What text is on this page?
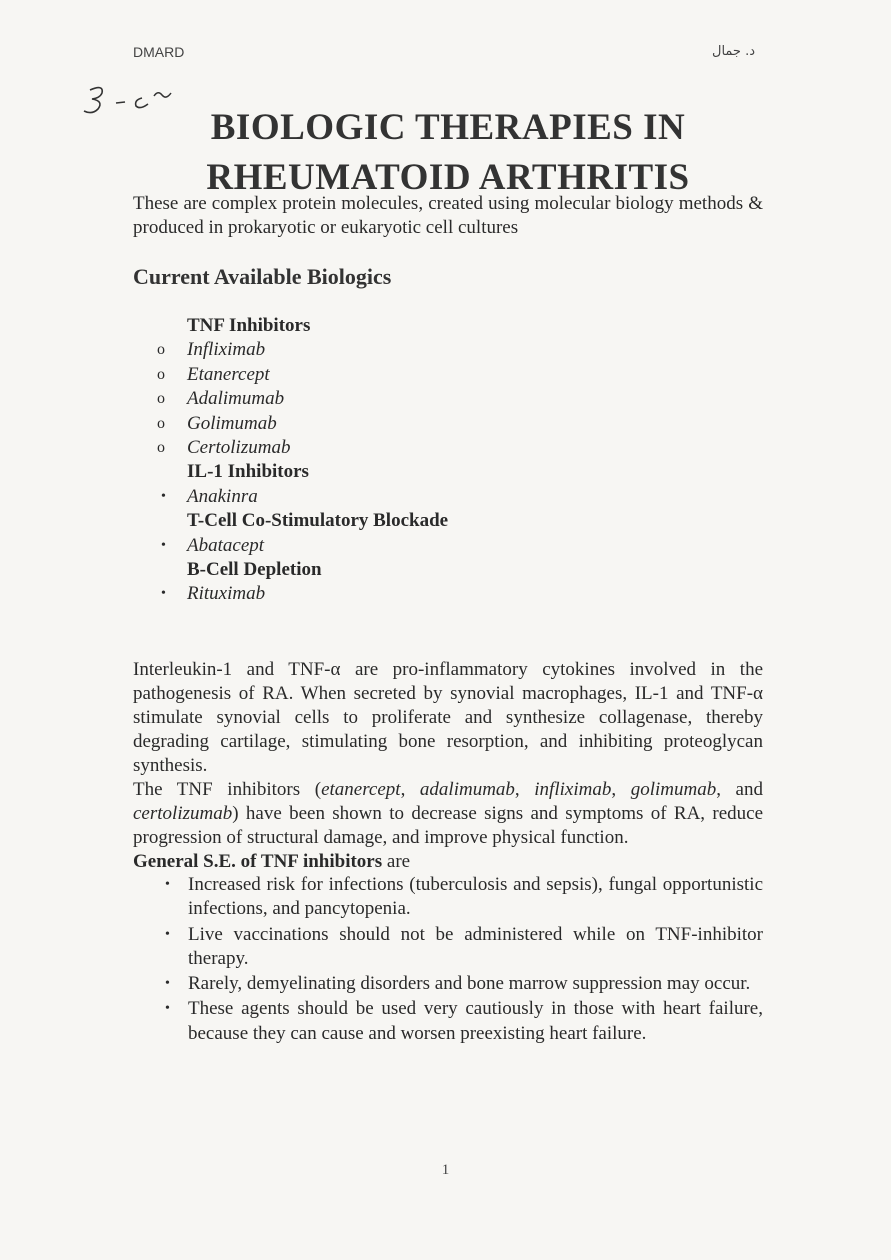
DMARD	د. جمال
BIOLOGIC THERAPIES IN
RHEUMATOID ARTHRITIS

These are complex protein molecules, created using molecular biology methods & produced in prokaryotic or eukaryotic cell cultures

Current Available Biologics
TNF Inhibitors
o Infliximab
o Etanercept
o Adalimumab
o Golimumab
o Certolizumab
IL-1 Inhibitors
• Anakinra
T-Cell Co-Stimulatory Blockade
• Abatacept
B-Cell Depletion
• Rituximab

Interleukin-1 and TNF-α are pro-inflammatory cytokines involved in the pathogenesis of RA. When secreted by synovial macrophages, IL-1 and TNF-α stimulate synovial cells to proliferate and synthesize collagenase, thereby degrading cartilage, stimulating bone resorption, and inhibiting proteoglycan synthesis.

The TNF inhibitors (etanercept, adalimumab, infliximab, golimumab, and certolizumab) have been shown to decrease signs and symptoms of RA, reduce progression of structural damage, and improve physical function.

General S.E. of TNF inhibitors are

• Increased risk for infections (tuberculosis and sepsis), fungal opportunistic infections, and pancytopenia.
• Live vaccinations should not be administered while on TNF-inhibitor therapy.
• Rarely, demyelinating disorders and bone marrow suppression may occur.
• These agents should be used very cautiously in those with heart failure, because they can cause and worsen preexisting heart failure.
1
